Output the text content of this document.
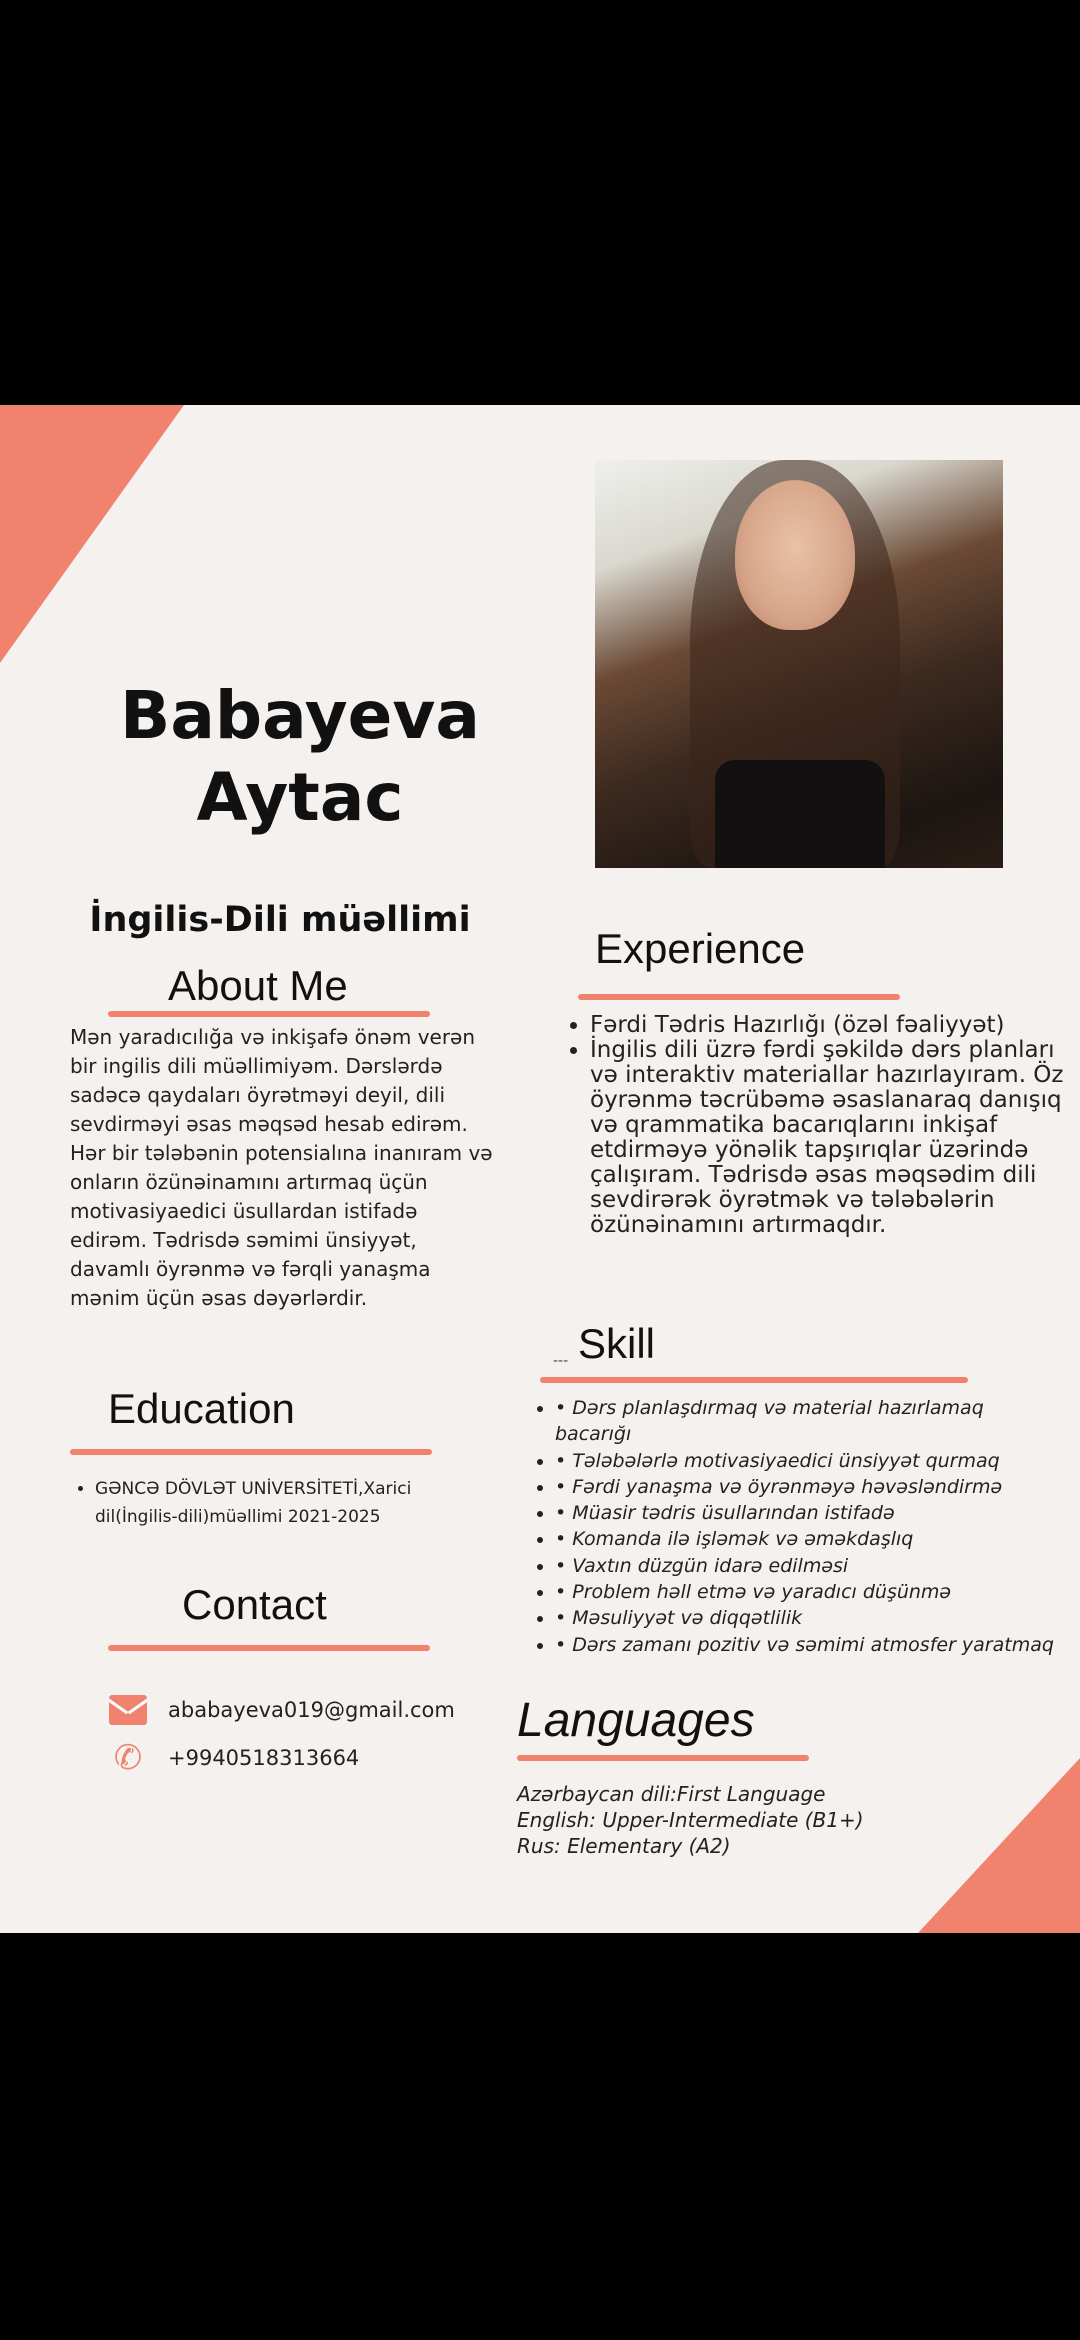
Babayeva
Aytac
İngilis-Dili müəllimi
About Me
Mən yaradıcılığa və inkişafə önəm verən bir ingilis dili müəllimiyəm. Dərslərdə sadəcə qaydaları öyrətməyi deyil, dili sevdirməyi əsas məqsəd hesab edirəm. Hər bir tələbənin potensialına inanıram və onların özünəinamını artırmaq üçün motivasiyaedici üsullardan istifadə edirəm. Tədrisdə səmimi ünsiyyət, davamlı öyrənmə və fərqli yanaşma mənim üçün əsas dəyərlərdir.
Experience
• Fərdi Tədris Hazırlığı (özəl fəaliyyət)
• İngilis dili üzrə fərdi şəkildə dərs planları və interaktiv materiallar hazırlayıram. Öz öyrənmə təcrübəmə əsaslanaraq danışıq və qrammatika bacarıqlarını inkişaf etdirməyə yönəlik tapşırıqlar üzərində çalışıram. Tədrisdə əsas məqsədim dili sevdirərək öyrətmək və tələbələrin özünəinamını artırmaqdır.
Education
• GƏNCƏ DÖVLƏT UNİVERSİTETİ,Xarici dil(İngilis-dili)müəllimi 2021-2025
Skill
---
• • Dərs planlaşdırmaq və material hazırlamaq bacarığı
• • Tələbələrlə motivasiyaedici ünsiyyət qurmaq
• • Fərdi yanaşma və öyrənməyə həvəsləndirmə
• • Müasir tədris üsullarından istifadə
• • Komanda ilə işləmək və əməkdaşlıq
• • Vaxtın düzgün idarə edilməsi
• • Problem həll etmə və yaradıcı düşünmə
• • Məsuliyyət və diqqətlilik
• • Dərs zamanı pozitiv və səmimi atmosfer yaratmaq
Contact
ababayeva019@gmail.com
✆ +9940518313664
Languages
Azərbaycan dili:First Language
English: Upper-Intermediate (B1+)
Rus: Elementary (A2)
